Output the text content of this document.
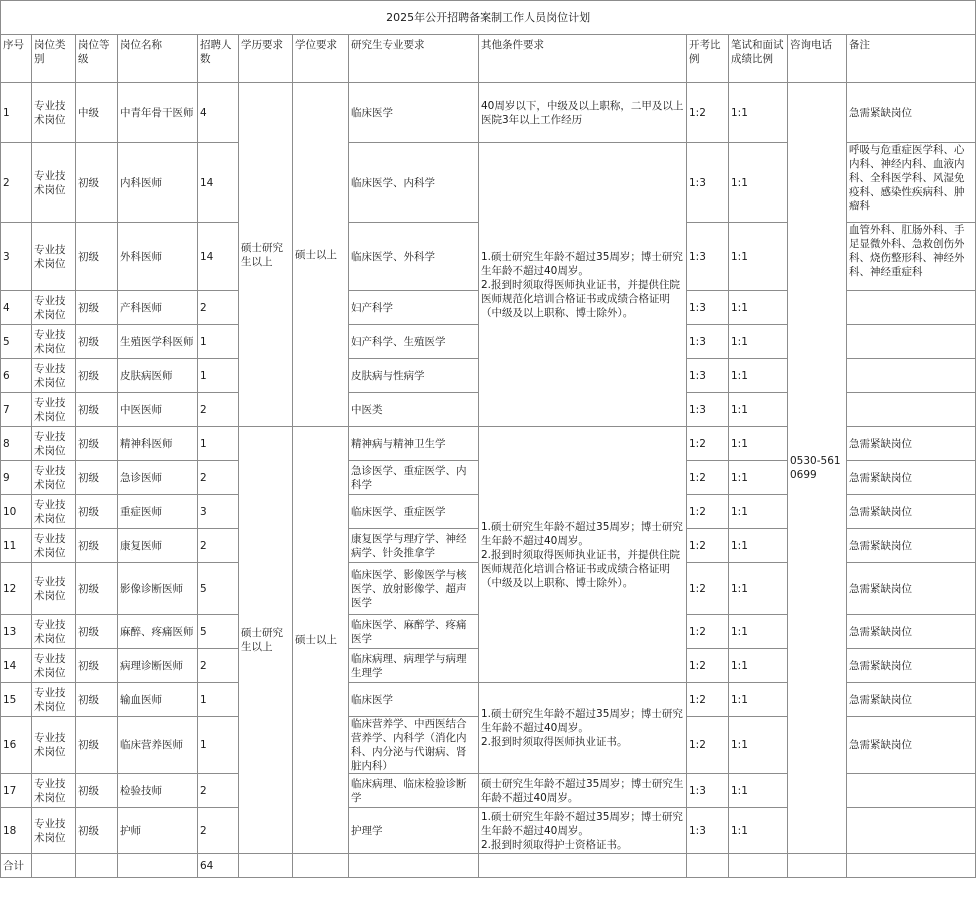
2025年公开招聘备案制工作人员岗位计划												
序号	岗位类别	岗位等级	岗位名称	招聘人数	学历要求	学位要求	研究生专业要求	其他条件要求	开考比例	笔试和面试成绩比例	咨询电话	备注
1	专业技术岗位	中级	中青年骨干医师	4	硕士研究生以上	硕士以上	临床医学	40周岁以下，中级及以上职称，二甲及以上医院3年以上工作经历	1:2	1:1	0530-5610699	急需紧缺岗位
2	专业技术岗位	初级	内科医师	14			临床医学、内科学	1.硕士研究生年龄不超过35周岁；博士研究生年龄不超过40周岁。
2.报到时须取得医师执业证书，并提供住院医师规范化培训合格证书或成绩合格证明（中级及以上职称、博士除外）。	1:3	1:1		呼吸与危重症医学科、心内科、神经内科、血液内科、全科医学科、风湿免疫科、感染性疾病科、肿瘤科
3	专业技术岗位	初级	外科医师	14			临床医学、外科学		1:3	1:1		血管外科、肛肠外科、手足显微外科、急救创伤外科、烧伤整形科、神经外科、神经重症科
4	专业技术岗位	初级	产科医师	2			妇产科学		1:3	1:1		
5	专业技术岗位	初级	生殖医学科医师	1			妇产科学、生殖医学		1:3	1:1		
6	专业技术岗位	初级	皮肤病医师	1			皮肤病与性病学		1:3	1:1		
7	专业技术岗位	初级	中医医师	2			中医类		1:3	1:1		
8	专业技术岗位	初级	精神科医师	1	硕士研究生以上	硕士以上	精神病与精神卫生学	1.硕士研究生年龄不超过35周岁；博士研究生年龄不超过40周岁。
2.报到时须取得医师执业证书，并提供住院医师规范化培训合格证书或成绩合格证明（中级及以上职称、博士除外）。	1:2	1:1		急需紧缺岗位
9	专业技术岗位	初级	急诊医师	2			急诊医学、重症医学、内科学		1:2	1:1		急需紧缺岗位
10	专业技术岗位	初级	重症医师	3			临床医学、重症医学		1:2	1:1		急需紧缺岗位
11	专业技术岗位	初级	康复医师	2			康复医学与理疗学、神经病学、针灸推拿学		1:2	1:1		急需紧缺岗位
12	专业技术岗位	初级	影像诊断医师	5			临床医学、影像医学与核医学、放射影像学、超声医学		1:2	1:1		急需紧缺岗位
13	专业技术岗位	初级	麻醉、疼痛医师	5			临床医学、麻醉学、疼痛医学		1:2	1:1		急需紧缺岗位
14	专业技术岗位	初级	病理诊断医师	2			临床病理、病理学与病理生理学		1:2	1:1		急需紧缺岗位
15	专业技术岗位	初级	输血医师	1			临床医学	1.硕士研究生年龄不超过35周岁；博士研究生年龄不超过40周岁。
2.报到时须取得医师执业证书。	1:2	1:1		急需紧缺岗位
16	专业技术岗位	初级	临床营养医师	1			临床营养学、中西医结合营养学、内科学（消化内科、内分泌与代谢病、肾脏内科）		1:2	1:1		急需紧缺岗位
17	专业技术岗位	初级	检验技师	2			临床病理、临床检验诊断学	硕士研究生年龄不超过35周岁；博士研究生年龄不超过40周岁。	1:3	1:1		
18	专业技术岗位	初级	护师	2			护理学	1.硕士研究生年龄不超过35周岁；博士研究生年龄不超过40周岁。
2.报到时须取得护士资格证书。	1:3	1:1		
合计				64								
